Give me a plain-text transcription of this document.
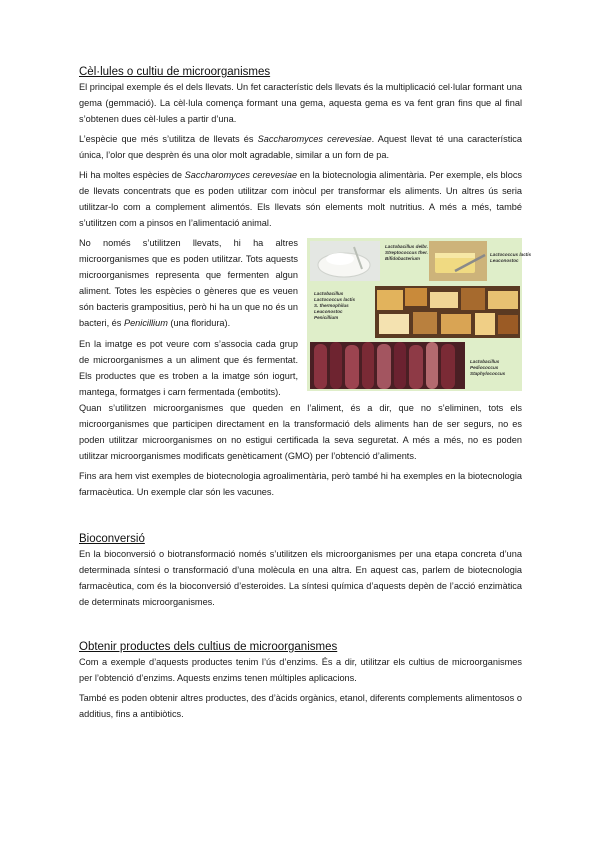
Cèl·lules o cultiu de microorganismes

El principal exemple és el dels llevats. Un fet característic dels llevats és la multiplicació cel·lular formant una gema (gemmació). La cèl·lula comença formant una gema, aquesta gema es va fent gran fins que al final s’obtenen dues cèl·lules a partir d’una.

L’espècie que més s’utilitza de llevats és Saccharomyces cerevesiae. Aquest llevat té una característica única, l’olor que desprèn és una olor molt agradable, similar a un forn de pa.

Hi ha moltes espècies de Saccharomyces cerevesiae en la biotecnologia alimentària. Per exemple, els blocs de llevats concentrats que es poden utilitzar com inòcul per transformar els aliments. Un altres ús seria utilitzar-lo com a complement alimentós. Els llevats són elements molt nutritius. A més a més, també s’utilitzen com a pinsos en l’alimentació animal.

Lactobacillus delbr.
Streptococcus ther.
Bifidobacterium
Lactococcus lactis
Leuconostoc
Lactobacillus
Lactococcus lactis
S. thermophilus
Leuconostoc
Penicillium
Lactobacillus
Pediococcus
Staphylococcus

No només s’utilitzen llevats, hi ha altres microorganismes que es poden utilitzar. Tots aquests microorganismes representa que fermenten algun aliment. Totes les espècies o gèneres que es veuen són bacteris grampositius, però hi ha un que no és un bacteri, és Penicillium (una floridura).

En la imatge es pot veure com s’associa cada grup de microorganismes a un aliment que és fermentat. Els productes que es troben a la imatge són iogurt, mantega, formatges i carn fermentada (embotits).

Quan s’utilitzen microorganismes que queden en l’aliment, és a dir, que no s’eliminen, tots els microorganismes que participen directament en la transformació dels aliments han de ser segurs, no es poden utilitzar microorganismes on no estigui certificada la seva seguretat. A més a més, no es poden utilitzar microorganismes modificats genèticament (GMO) per l’obtenció d’aliments.

Fins ara hem vist exemples de biotecnologia agroalimentària, però també hi ha exemples en la biotecnologia farmacèutica. Un exemple clar són les vacunes.

Bioconversió

En la bioconversió o biotransformació només s’utilitzen els microorganismes per una etapa concreta d’una determinada síntesi o transformació d’una molècula en una altra. En aquest cas, parlem de biotecnologia farmacèutica, com és la bioconversió d’esteroides. La síntesi química d’aquests depèn de l’acció enzimàtica de determinats microorganismes.

Obtenir productes dels cultius de microorganismes

Com a exemple d’aquests productes tenim l’ús d’enzims. És a dir, utilitzar els cultius de microorganismes per l’obtenció d’enzims. Aquests enzims tenen múltiples aplicacions.

També es poden obtenir altres productes, des d’àcids orgànics, etanol, diferents complements alimentosos o additius, fins a antibiòtics.
